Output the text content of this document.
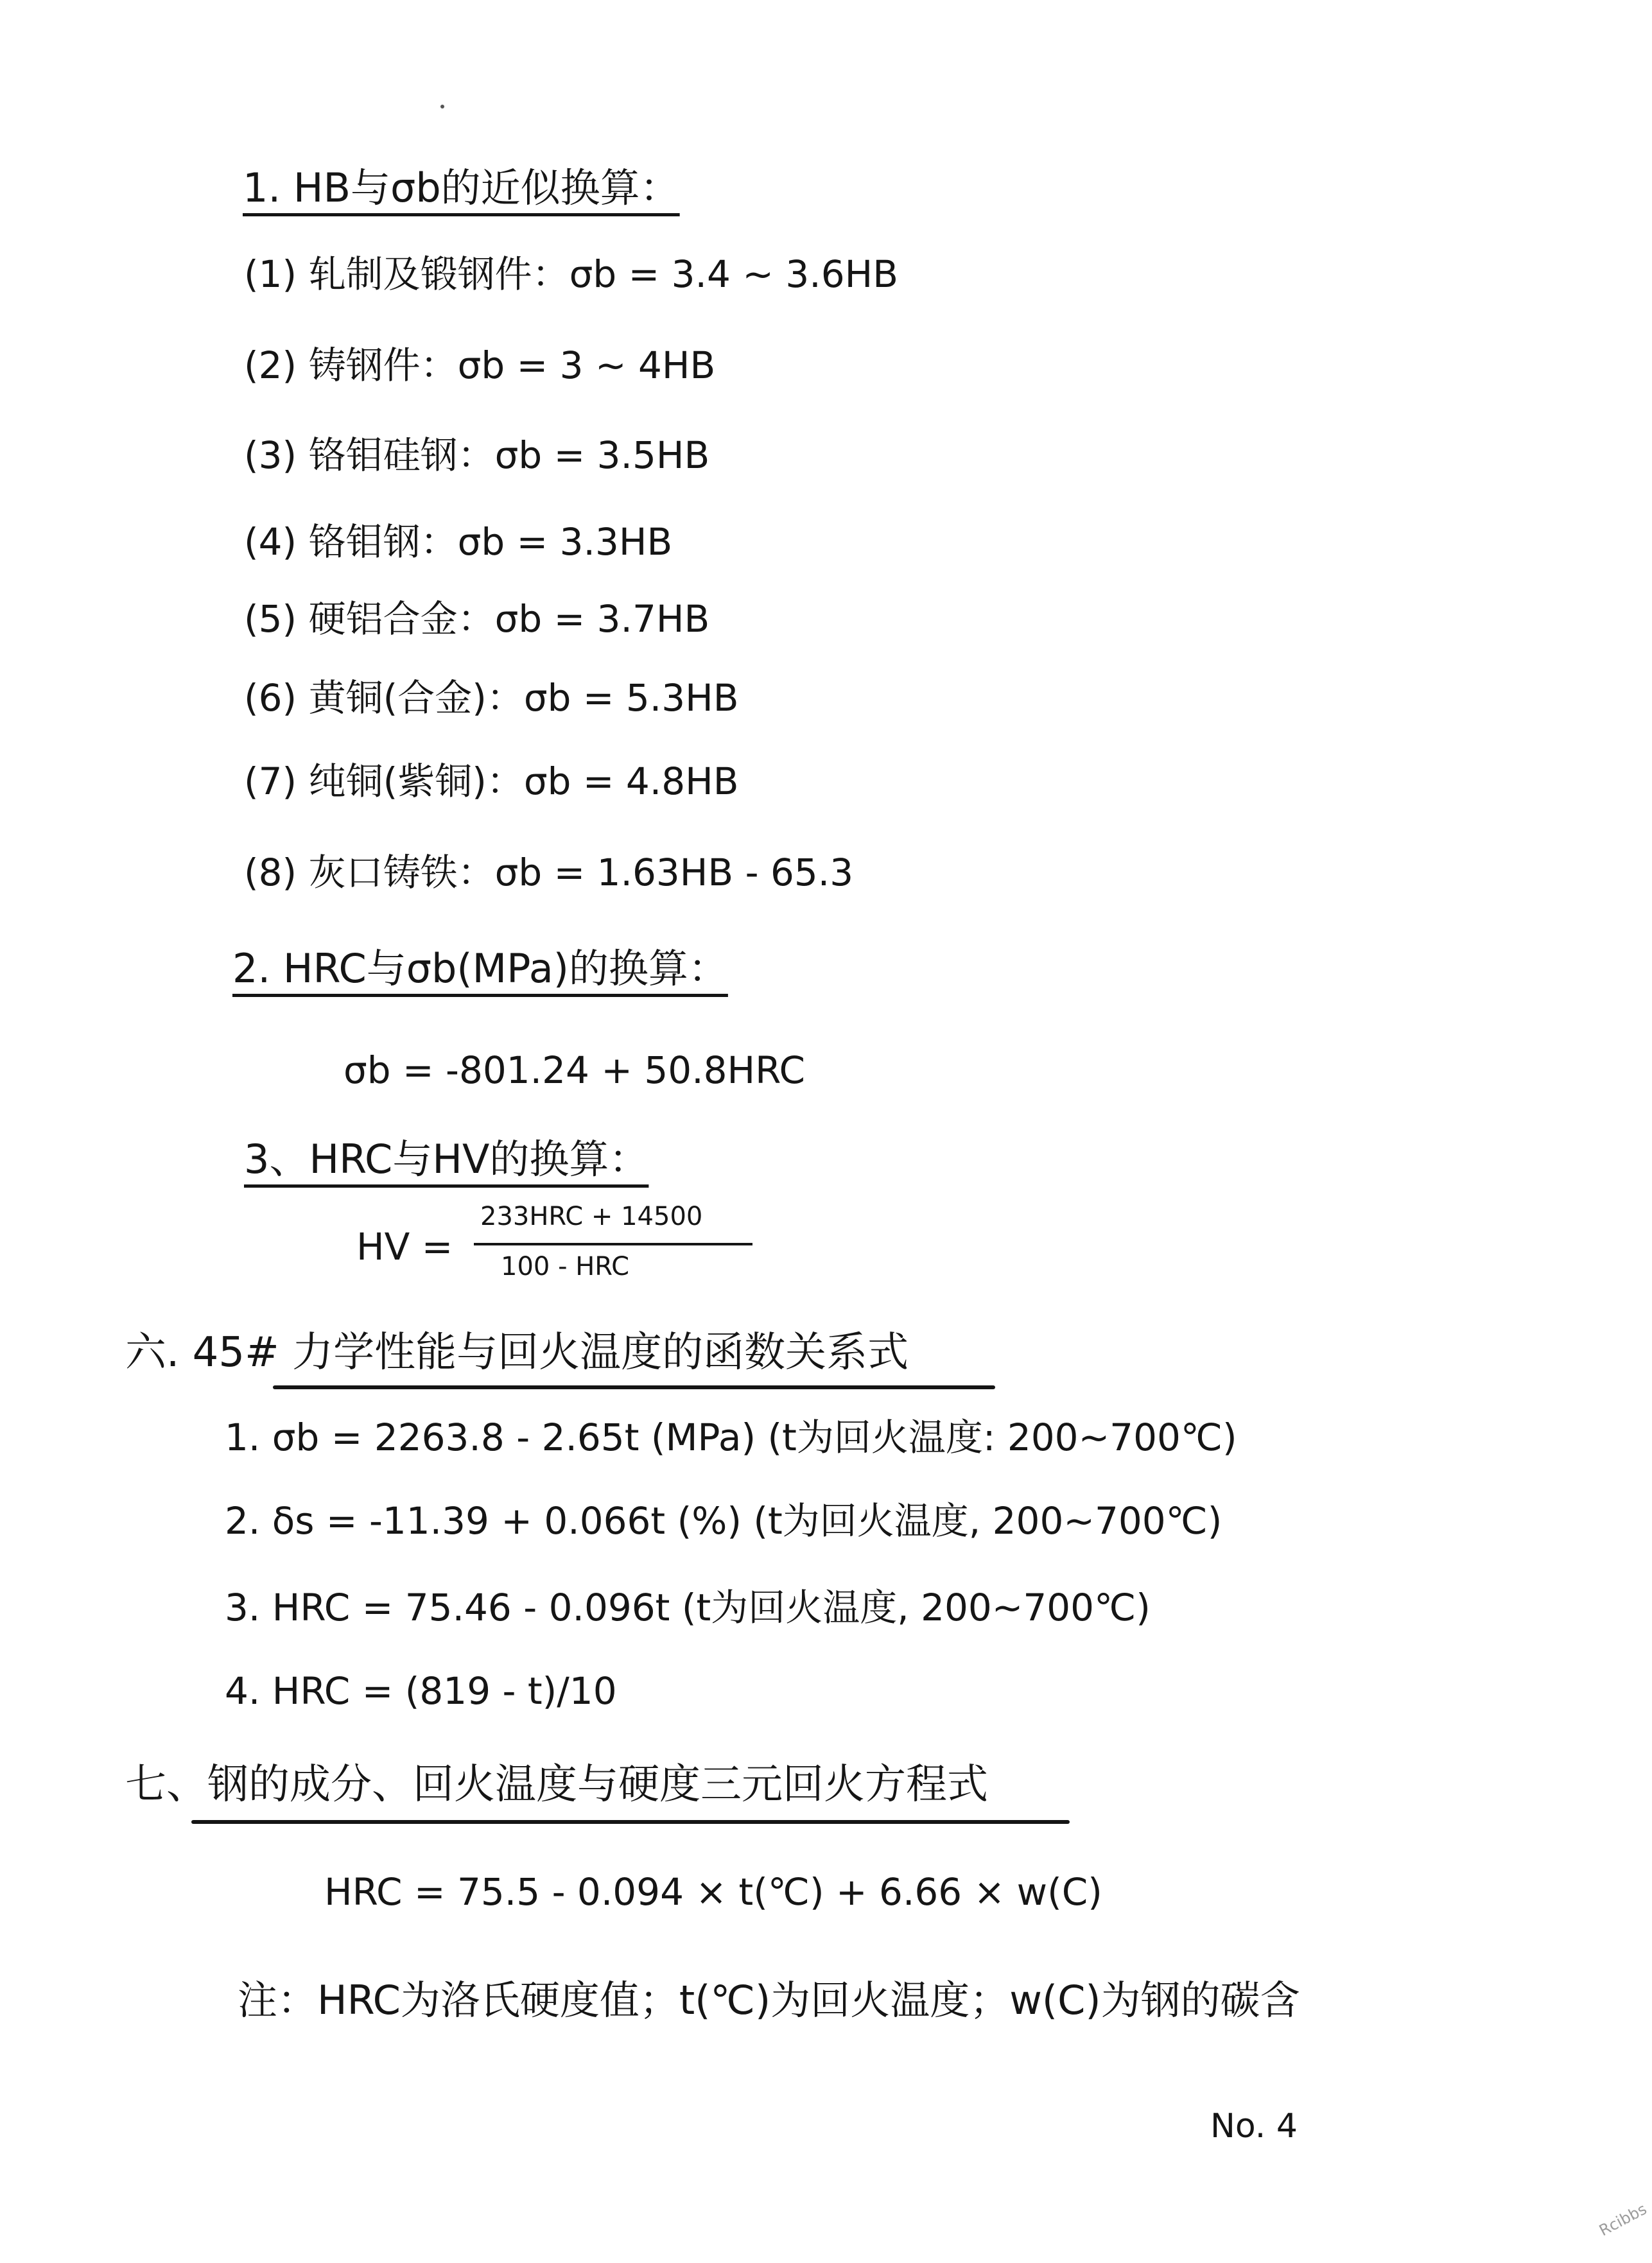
1. HB与σb的近似换算：
(1) 轧制及锻钢件：σb = 3.4 ~ 3.6HB
(2) 铸钢件：σb = 3 ~ 4HB
(3) 铬钼硅钢：σb = 3.5HB
(4) 铬钼钢：σb = 3.3HB
(5) 硬铝合金：σb = 3.7HB
(6) 黄铜(合金)：σb = 5.3HB
(7) 纯铜(紫铜)：σb = 4.8HB
(8) 灰口铸铁：σb = 1.63HB - 65.3
2. HRC与σb(MPa)的换算：
σb = -801.24 + 50.8HRC
3、HRC与HV的换算：
HV =
233HRC + 14500
100 - HRC
六. 45# 力学性能与回火温度的函数关系式
1. σb = 2263.8 - 2.65t (MPa) (t为回火温度: 200~700℃)
2. δs = -11.39 + 0.066t (%) (t为回火温度, 200~700℃)
3. HRC = 75.46 - 0.096t (t为回火温度, 200~700℃)
4. HRC = (819 - t)/10
七、钢的成分、回火温度与硬度三元回火方程式
HRC = 75.5 - 0.094 × t(℃) + 6.66 × w(C)
注：HRC为洛氏硬度值；t(℃)为回火温度；w(C)为钢的碳含
No. 4
Rcibbs
